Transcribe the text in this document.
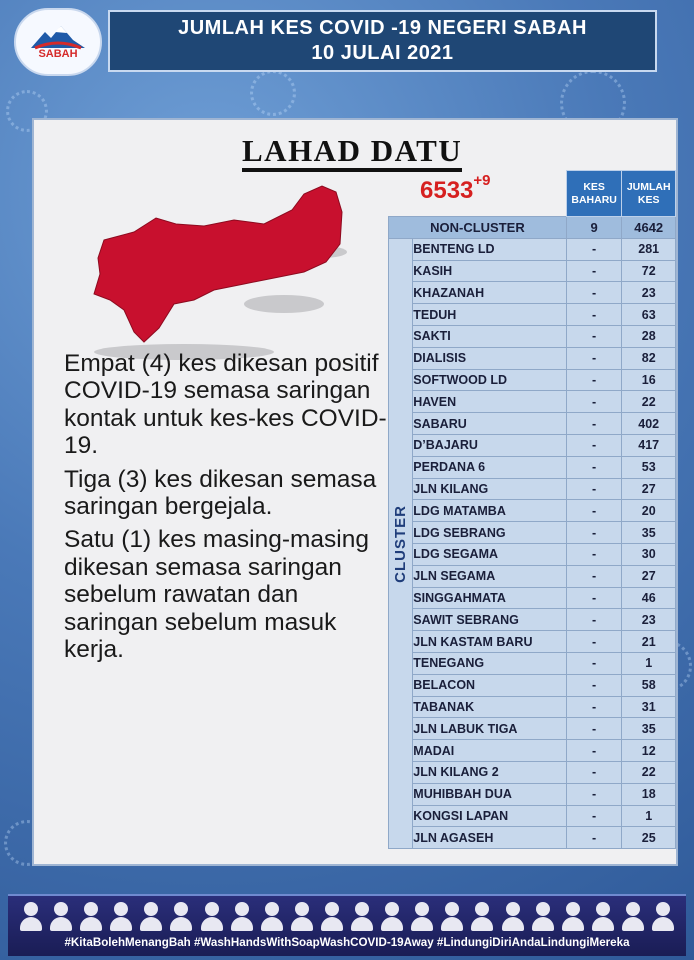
SABAH
JUMLAH KES COVID -19 NEGERI SABAH
10 JULAI 2021
LAHAD DATU
$6533^{+9}$

Empat (4) kes dikesan positif COVID-19 semasa saringan kontak untuk kes-kes COVID-19.

Tiga (3) kes dikesan semasa saringan bergejala.

Satu (1) kes masing-masing dikesan semasa saringan sebelum rawatan dan saringan sebelum masuk kerja.

		KES BAHARU	JUMLAH KES
NON-CLUSTER		9	4642

CLUSTER	BENTENG LD	-	281
	KASIH	-	72
	KHAZANAH	-	23
	TEDUH	-	63
	SAKTI	-	28
	DIALISIS	-	82
	SOFTWOOD LD	-	16
	HAVEN	-	22
	SABARU	-	402
	D’BAJARU	-	417
	PERDANA 6	-	53
	JLN KILANG	-	27
	LDG MATAMBA	-	20
	LDG SEBRANG	-	35
	LDG SEGAMA	-	30
	JLN SEGAMA	-	27
	SINGGAHMATA	-	46
	SAWIT SEBRANG	-	23
	JLN KASTAM BARU	-	21
	TENEGANG	-	1
	BELACON	-	58
	TABANAK	-	31
	JLN LABUK TIGA	-	35
	MADAI	-	12
	JLN KILANG 2	-	22
	MUHIBBAH DUA	-	18
	KONGSI LAPAN	-	1
	JLN AGASEH	-	25
#KitaBolehMenangBah #WashHandsWithSoapWashCOVID-19Away #LindungiDiriAndaLindungiMereka
